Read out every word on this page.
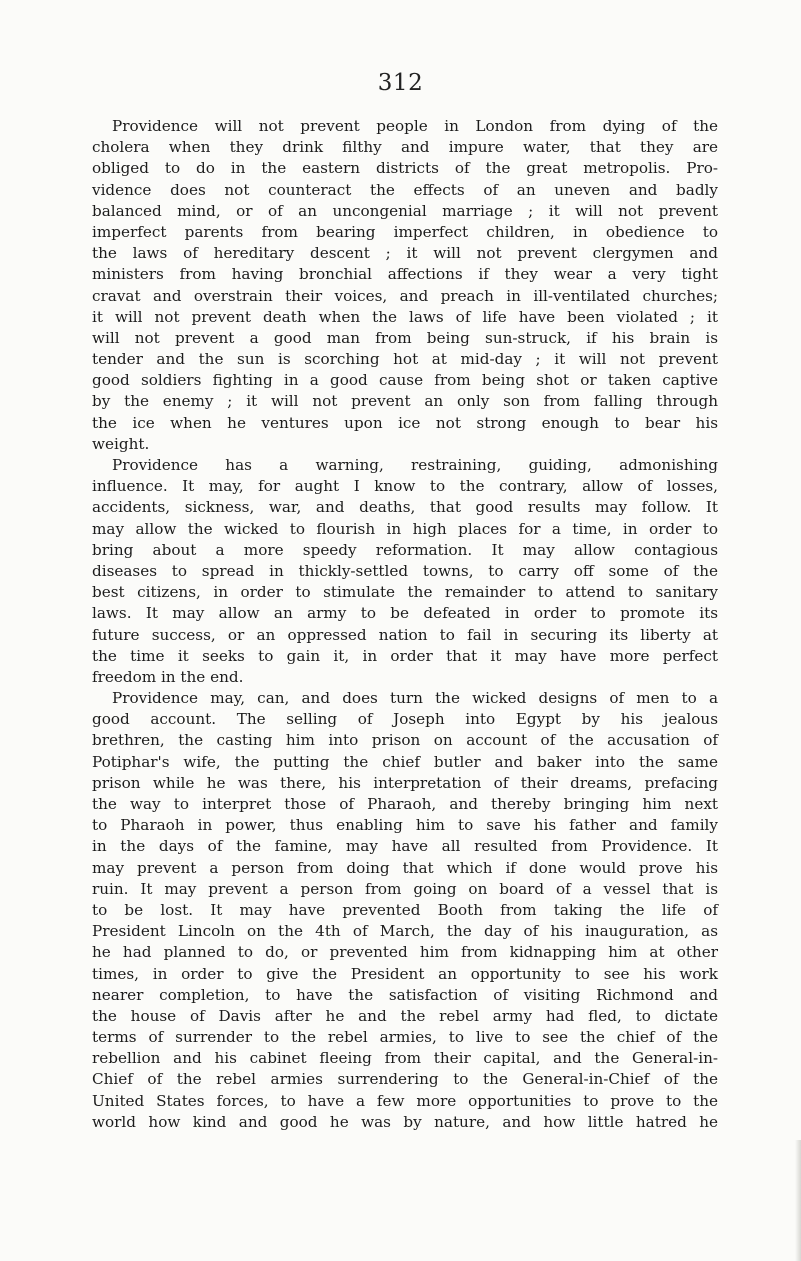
312
Providence will not prevent people in London from dying of the
cholera when they drink filthy and impure water, that they are
obliged to do in the eastern districts of the great metropolis. Pro-
vidence does not counteract the effects of an uneven and badly
balanced mind, or of an uncongenial marriage ; it will not prevent
imperfect parents from bearing imperfect children, in obedience to
the laws of hereditary descent ; it will not prevent clergymen and
ministers from having bronchial affections if they wear a very tight
cravat and overstrain their voices, and preach in ill-ventilated churches;
it will not prevent death when the laws of life have been violated ; it
will not prevent a good man from being sun-struck, if his brain is
tender and the sun is scorching hot at mid-day ; it will not prevent
good soldiers fighting in a good cause from being shot or taken captive
by the enemy ; it will not prevent an only son from falling through
the ice when he ventures upon ice not strong enough to bear his
weight.
Providence has a warning, restraining, guiding, admonishing
influence. It may, for aught I know to the contrary, allow of losses,
accidents, sickness, war, and deaths, that good results may follow. It
may allow the wicked to flourish in high places for a time, in order to
bring about a more speedy reformation. It may allow contagious
diseases to spread in thickly-settled towns, to carry off some of the
best citizens, in order to stimulate the remainder to attend to sanitary
laws. It may allow an army to be defeated in order to promote its
future success, or an oppressed nation to fail in securing its liberty at
the time it seeks to gain it, in order that it may have more perfect
freedom in the end.
Providence may, can, and does turn the wicked designs of men to a
good account. The selling of Joseph into Egypt by his jealous
brethren, the casting him into prison on account of the accusation of
Potiphar's wife, the putting the chief butler and baker into the same
prison while he was there, his interpretation of their dreams, prefacing
the way to interpret those of Pharaoh, and thereby bringing him next
to Pharaoh in power, thus enabling him to save his father and family
in the days of the famine, may have all resulted from Providence. It
may prevent a person from doing that which if done would prove his
ruin. It may prevent a person from going on board of a vessel that is
to be lost. It may have prevented Booth from taking the life of
President Lincoln on the 4th of March, the day of his inauguration, as
he had planned to do, or prevented him from kidnapping him at other
times, in order to give the President an opportunity to see his work
nearer completion, to have the satisfaction of visiting Richmond and
the house of Davis after he and the rebel army had fled, to dictate
terms of surrender to the rebel armies, to live to see the chief of the
rebellion and his cabinet fleeing from their capital, and the General-in-
Chief of the rebel armies surrendering to the General-in-Chief of the
United States forces, to have a few more opportunities to prove to the
world how kind and good he was by nature, and how little hatred he
